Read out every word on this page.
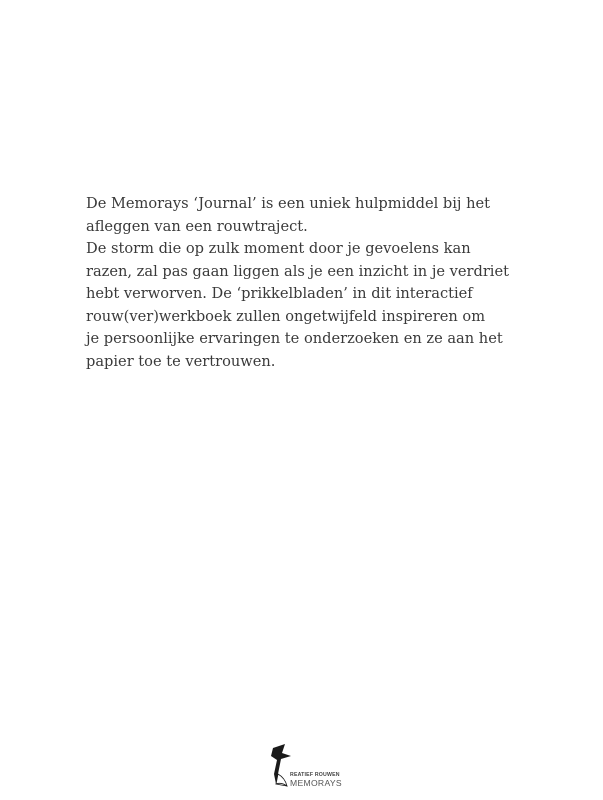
De Memorays ‘Journal’ is een uniek hulpmiddel bij het
afleggen van een rouwtraject.
De storm die op zulk moment door je gevoelens kan
razen, zal pas gaan liggen als je een inzicht in je verdriet
hebt verworven. De ‘prikkelbladen’ in dit interactief
rouw(ver)werkboek zullen ongetwijfeld inspireren om
je persoonlijke ervaringen te onderzoeken en ze aan het
papier toe te vertrouwen.

REATIEF ROUWEN
MEMORAYS
